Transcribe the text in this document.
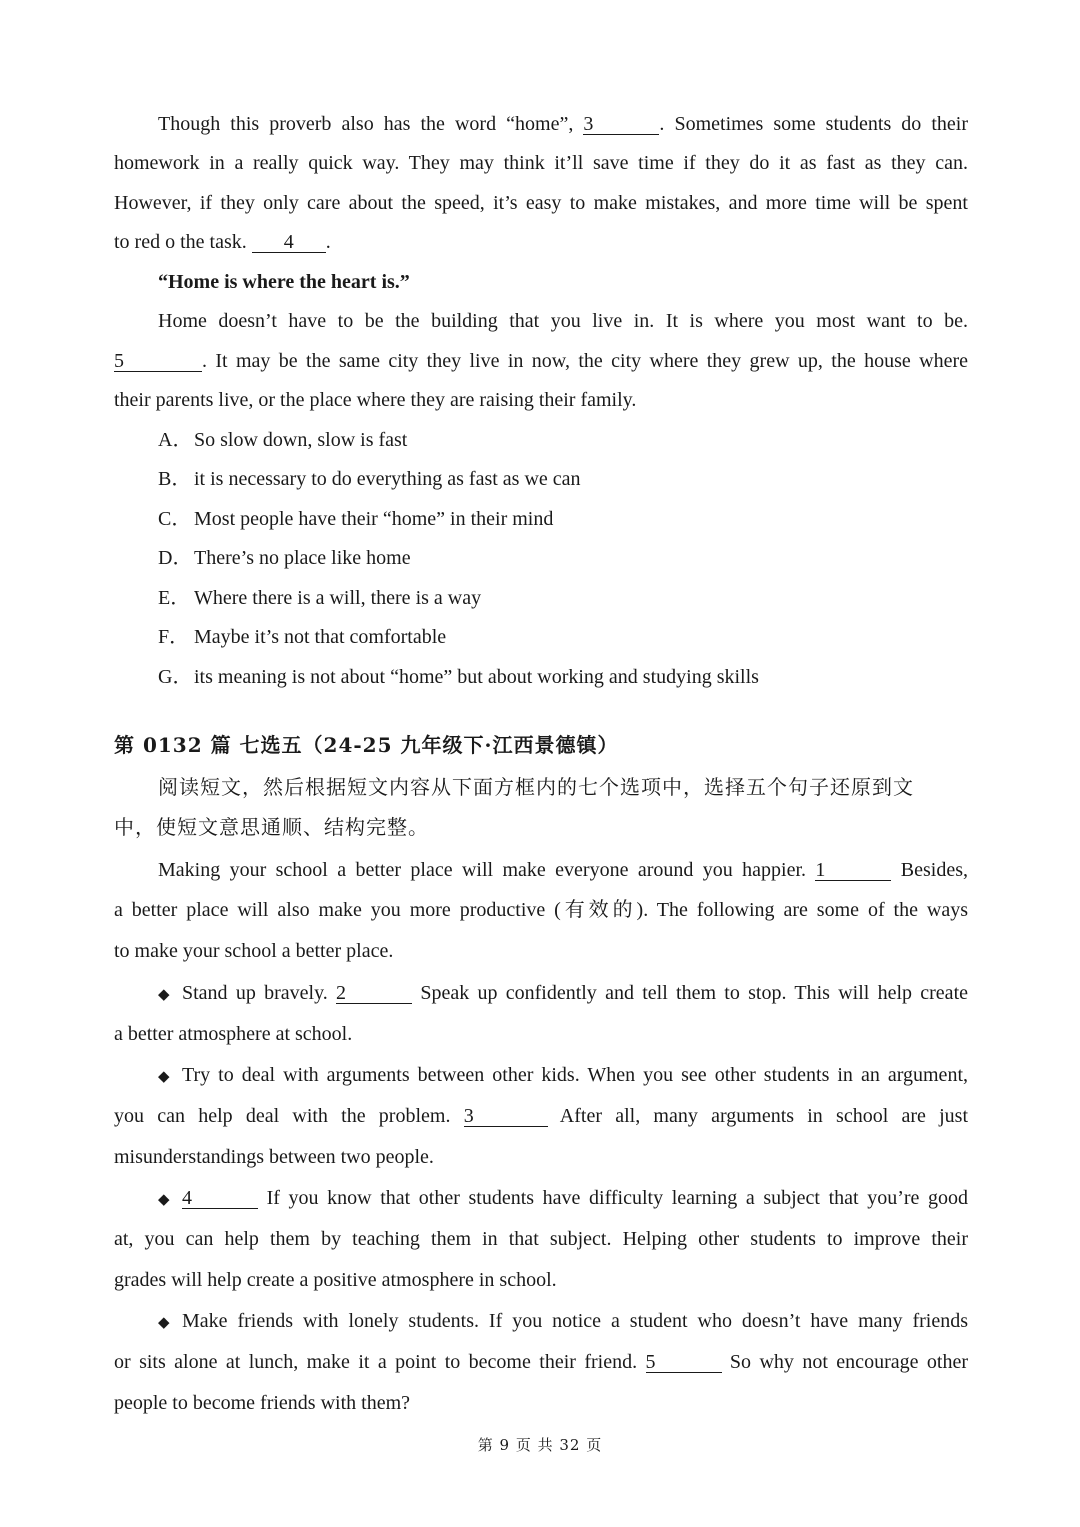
Though this proverb also has the word “home”, 3	. Sometimes some students do their
homework in a really quick way. They may think it’ll save time if they do it as fast as they can.
However, if they only care about the speed, it’s easy to make mistakes, and more time will be spent
to red o the task. 4 .
“Home is where the heart is.”
Home doesn’t have to be the building that you live in. It is where you most want to be.
5	. It may be the same city they live in now, the city where they grew up, the house where
their parents live, or the place where they are raising their family.
A．So slow down, slow is fast
B． it is necessary to do everything as fast as we can
C． Most people have their “home” in their mind
D．There’s no place like home
E． Where there is a will, there is a way
F． Maybe it’s not that comfortable
G．its meaning is not about “home” but about working and studying skills
第 0132 篇 七选五（24-25 九年级下·江西景德镇）
阅读短文，然后根据短文内容从下面方框内的七个选项中，选择五个句子还原到文
中，使短文意思通顺、结构完整。
Making your school a better place will make everyone around you happier. 1	Besides,
a better place will also make you more productive (有效的). The following are some of the ways
to make your school a better place.
◆ Stand up bravely. 2	Speak up confidently and tell them to stop. This will help create
a better atmosphere at school.
◆ Try to deal with arguments between other kids. When you see other students in an argument,
you can help deal with the problem. 3	After all, many arguments in school are just
misunderstandings between two people.
◆ 4	If you know that other students have difficulty learning a subject that you’re good
at, you can help them by teaching them in that subject. Helping other students to improve their
grades will help create a positive atmosphere in school.
◆ Make friends with lonely students. If you notice a student who doesn’t have many friends
or sits alone at lunch, make it a point to become their friend. 5	So why not encourage other
people to become friends with them?
第 9 页 共 32 页
